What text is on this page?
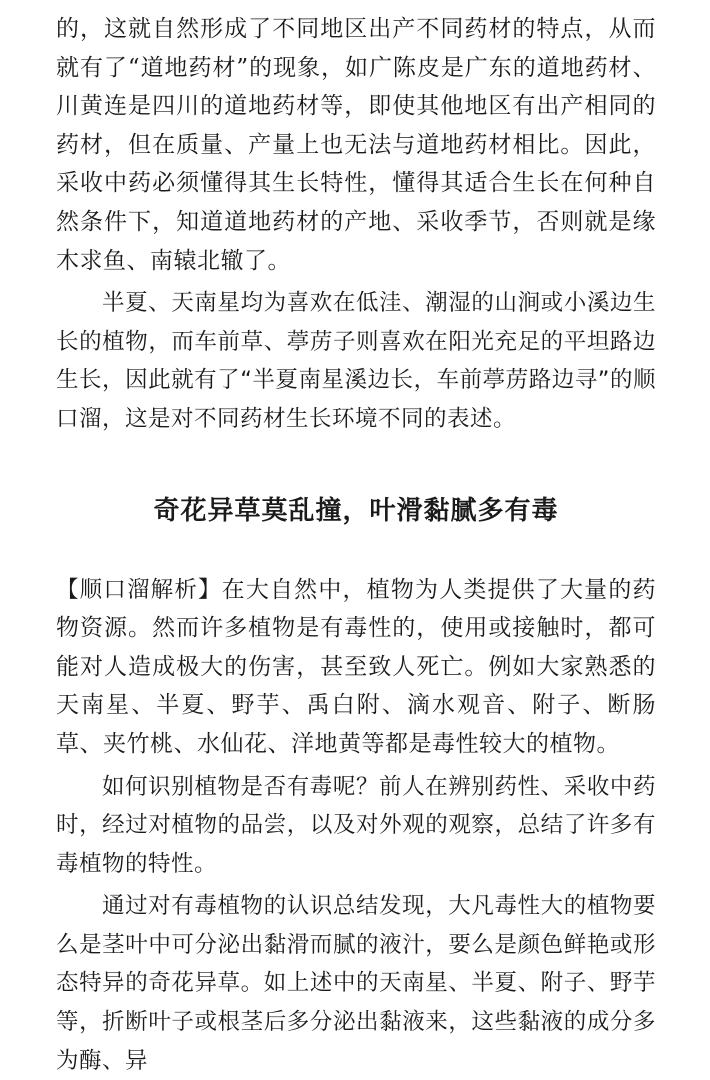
的，这就自然形成了不同地区出产不同药材的特点，从而就有了“道地药材”的现象，如广陈皮是广东的道地药材、川黄连是四川的道地药材等，即使其他地区有出产相同的药材，但在质量、产量上也无法与道地药材相比。因此，采收中药必须懂得其生长特性，懂得其适合生长在何种自然条件下，知道道地药材的产地、采收季节，否则就是缘木求鱼、南辕北辙了。

半夏、天南星均为喜欢在低洼、潮湿的山涧或小溪边生长的植物，而车前草、葶苈子则喜欢在阳光充足的平坦路边生长，因此就有了“半夏南星溪边长，车前葶苈路边寻”的顺口溜，这是对不同药材生长环境不同的表述。

奇花异草莫乱撞，叶滑黏腻多有毒

【顺口溜解析】在大自然中，植物为人类提供了大量的药物资源。然而许多植物是有毒性的，使用或接触时，都可能对人造成极大的伤害，甚至致人死亡。例如大家熟悉的天南星、半夏、野芋、禹白附、滴水观音、附子、断肠草、夹竹桃、水仙花、洋地黄等都是毒性较大的植物。

如何识别植物是否有毒呢？前人在辨别药性、采收中药时，经过对植物的品尝，以及对外观的观察，总结了许多有毒植物的特性。

通过对有毒植物的认识总结发现，大凡毒性大的植物要么是茎叶中可分泌出黏滑而腻的液汁，要么是颜色鲜艳或形态特异的奇花异草。如上述中的天南星、半夏、附子、野芋等，折断叶子或根茎后多分泌出黏液来，这些黏液的成分多为酶、异
